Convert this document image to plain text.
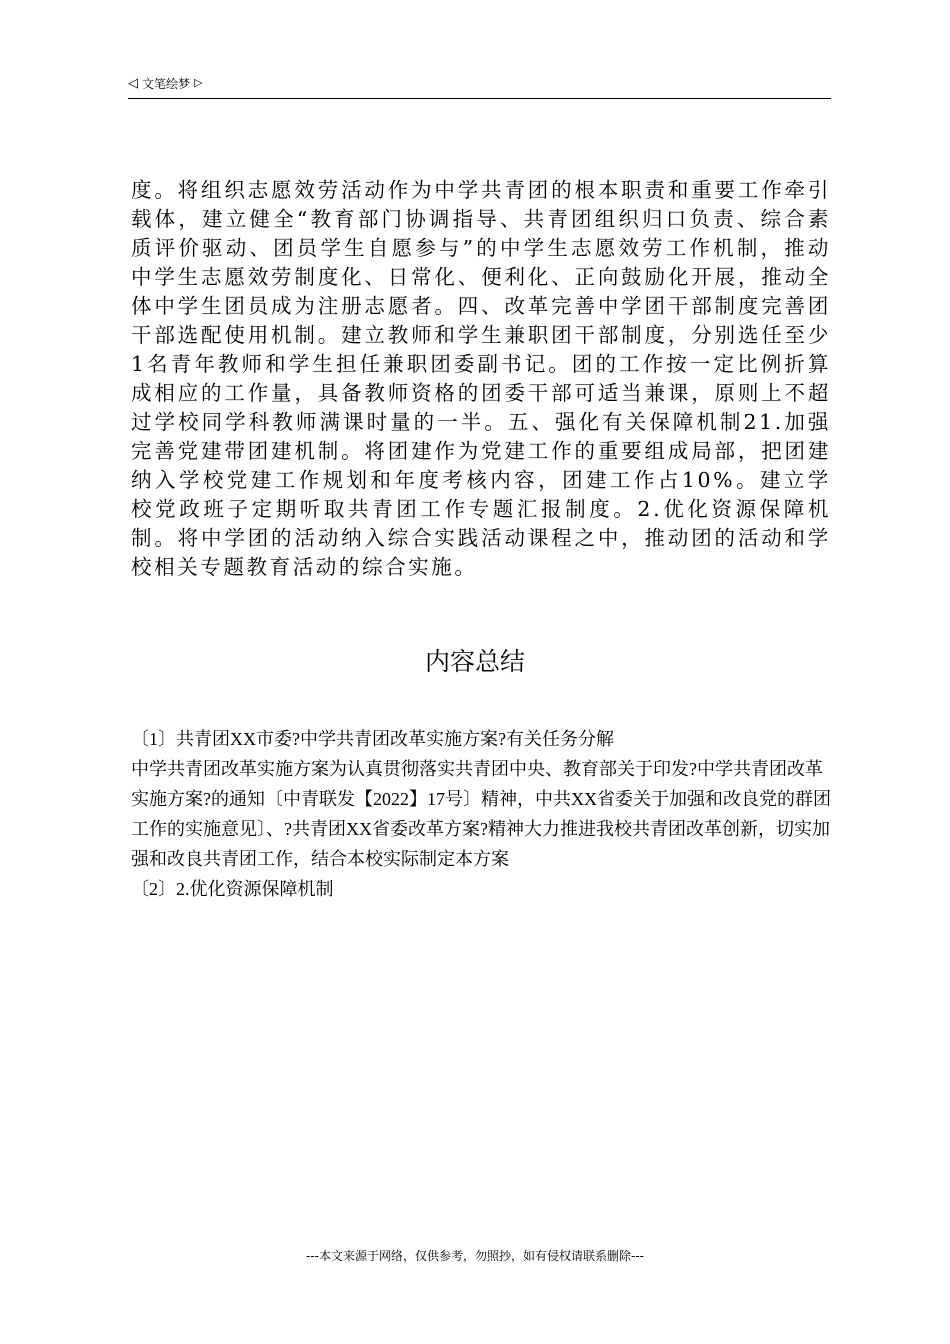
◁ 文笔绘梦 ▷
度。将组织志愿效劳活动作为中学共青团的根本职责和重要工作牵引载体，建立健全“教育部门协调指导、共青团组织归口负责、综合素质评价驱动、团员学生自愿参与”的中学生志愿效劳工作机制，推动中学生志愿效劳制度化、日常化、便利化、正向鼓励化开展，推动全体中学生团员成为注册志愿者。四、改革完善中学团干部制度完善团干部选配使用机制。建立教师和学生兼职团干部制度，分别选任至少1名青年教师和学生担任兼职团委副书记。团的工作按一定比例折算成相应的工作量，具备教师资格的团委干部可适当兼课，原则上不超过学校同学科教师满课时量的一半。五、强化有关保障机制21.加强完善党建带团建机制。将团建作为党建工作的重要组成局部，把团建纳入学校党建工作规划和年度考核内容，团建工作占10%。建立学校党政班子定期听取共青团工作专题汇报制度。2.优化资源保障机制。将中学团的活动纳入综合实践活动课程之中，推动团的活动和学校相关专题教育活动的综合实施。
内容总结

〔1〕共青团XX市委?中学共青团改革实施方案?有关任务分解

中学共青团改革实施方案为认真贯彻落实共青团中央、教育部关于印发?中学共青团改革实施方案?的通知〔中青联发【2022】17号〕精神，中共XX省委关于加强和改良党的群团工作的实施意见〕、?共青团XX省委改革方案?精神大力推进我校共青团改革创新，切实加强和改良共青团工作，结合本校实际制定本方案

〔2〕2.优化资源保障机制

---本文来源于网络，仅供参考，勿照抄，如有侵权请联系删除---
